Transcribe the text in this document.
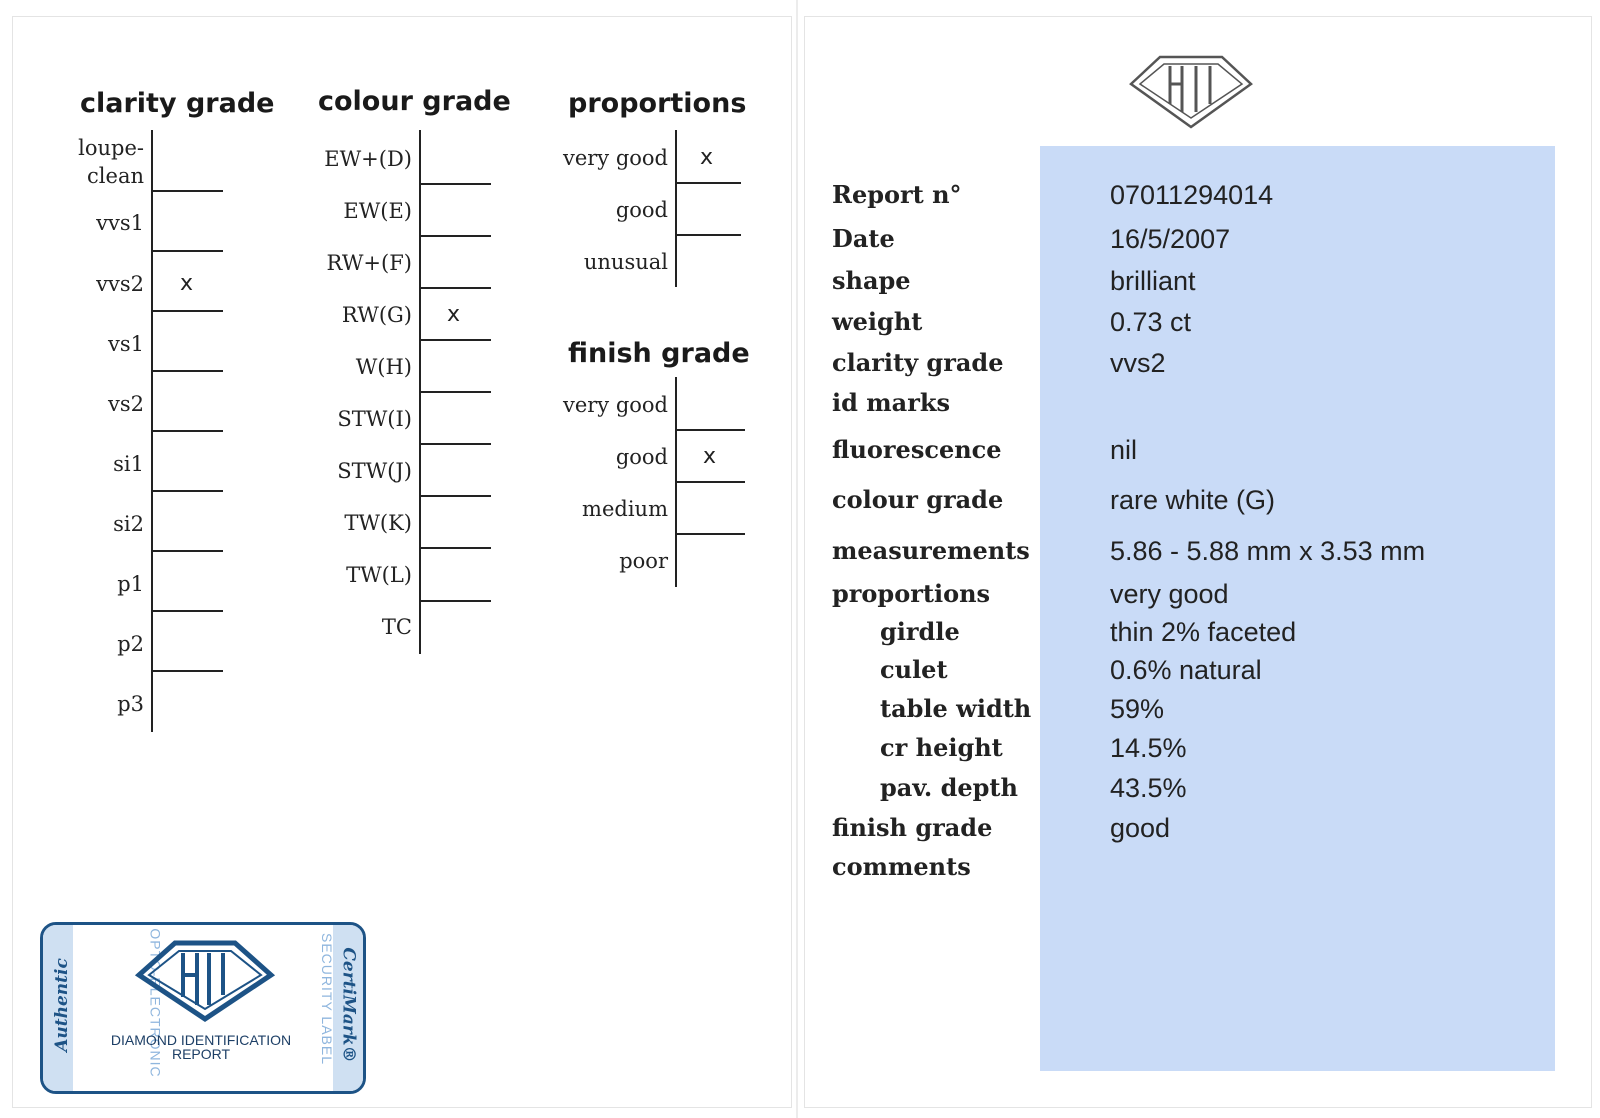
clarity grade
loupe-
clean
vvs1
vvs2 x
vs1
vs2
si1
si2
p1
p2
p3
colour grade
EW+(D)
EW(E)
RW+(F)
RW(G) x
W(H)
STW(I)
STW(J)
TW(K)
TW(L)
TC
proportions
very good x
good
unusual
finish grade
very good
good x
medium
poor
Authentic	OPTO-ELECTRONIC
DIAMOND IDENTIFICATION
REPORT	SECURITY LABEL CertiMark®
Report n°	07011294014
Date	16/5/2007
shape	brilliant
weight	0.73 ct
clarity grade	vvs2
id marks
fluorescence	nil
colour grade	rare white (G)
measurements	5.86 - 5.88 mm x 3.53 mm
proportions	very good
girdle	thin 2% faceted
culet	0.6% natural
table width	59%
cr height	14.5%
pav. depth	43.5%
finish grade	good
comments
